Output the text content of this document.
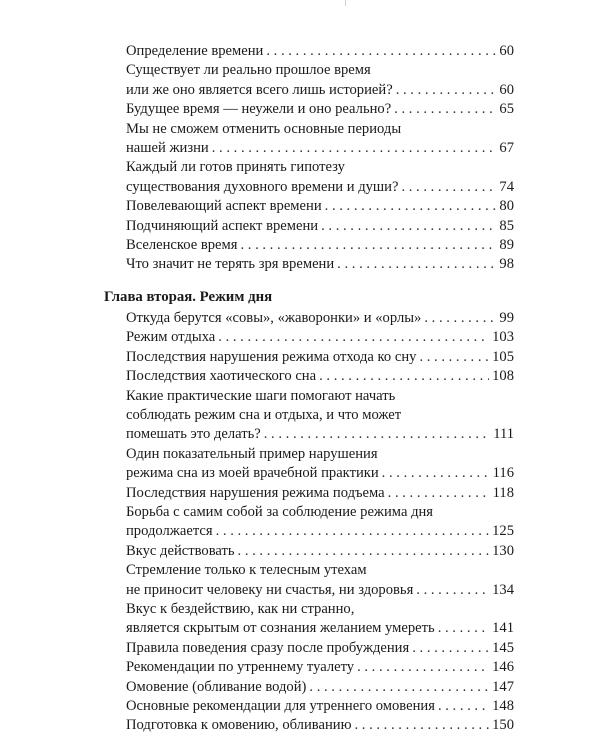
Определение времени . . .	60
Существует ли реально прошлое время
или же оно является всего лишь историей? . . .	60
Будущее время — неужели и оно реально? . . .	65
Мы не сможем отменить основные периоды
нашей жизни . . .	67
Каждый ли готов принять гипотезу
существования духовного времени и души? . . .	74
Повелевающий аспект времени . . .	80
Подчиняющий аспект времени . . .	85
Вселенское время . . .	89
Что значит не терять зря времени . . .	98
Глава вторая. Режим дня
Откуда берутся «совы», «жаворонки» и «орлы» . . .	99
Режим отдыха . . .	103
Последствия нарушения режима отхода ко сну . . .	105
Последствия хаотического сна . . .	108
Какие практические шаги помогают начать
соблюдать режим сна и отдыха, и что может
помешать это делать? . . .	111
Один показательный пример нарушения
режима сна из моей врачебной практики . . .	116
Последствия нарушения режима подъема . . .	118
Борьба с самим собой за соблюдение режима дня
продолжается . . .	125
Вкус действовать . . .	130
Стремление только к телесным утехам
не приносит человеку ни счастья, ни здоровья . . .	134
Вкус к бездействию, как ни странно,
является скрытым от сознания желанием умереть . . .	141
Правила поведения сразу после пробуждения . . .	145
Рекомендации по утреннему туалету . . .	146
Омовение (обливание водой) . . .	147
Основные рекомендации для утреннего омовения . . .	148
Подготовка к омовению, обливанию . . .	150
